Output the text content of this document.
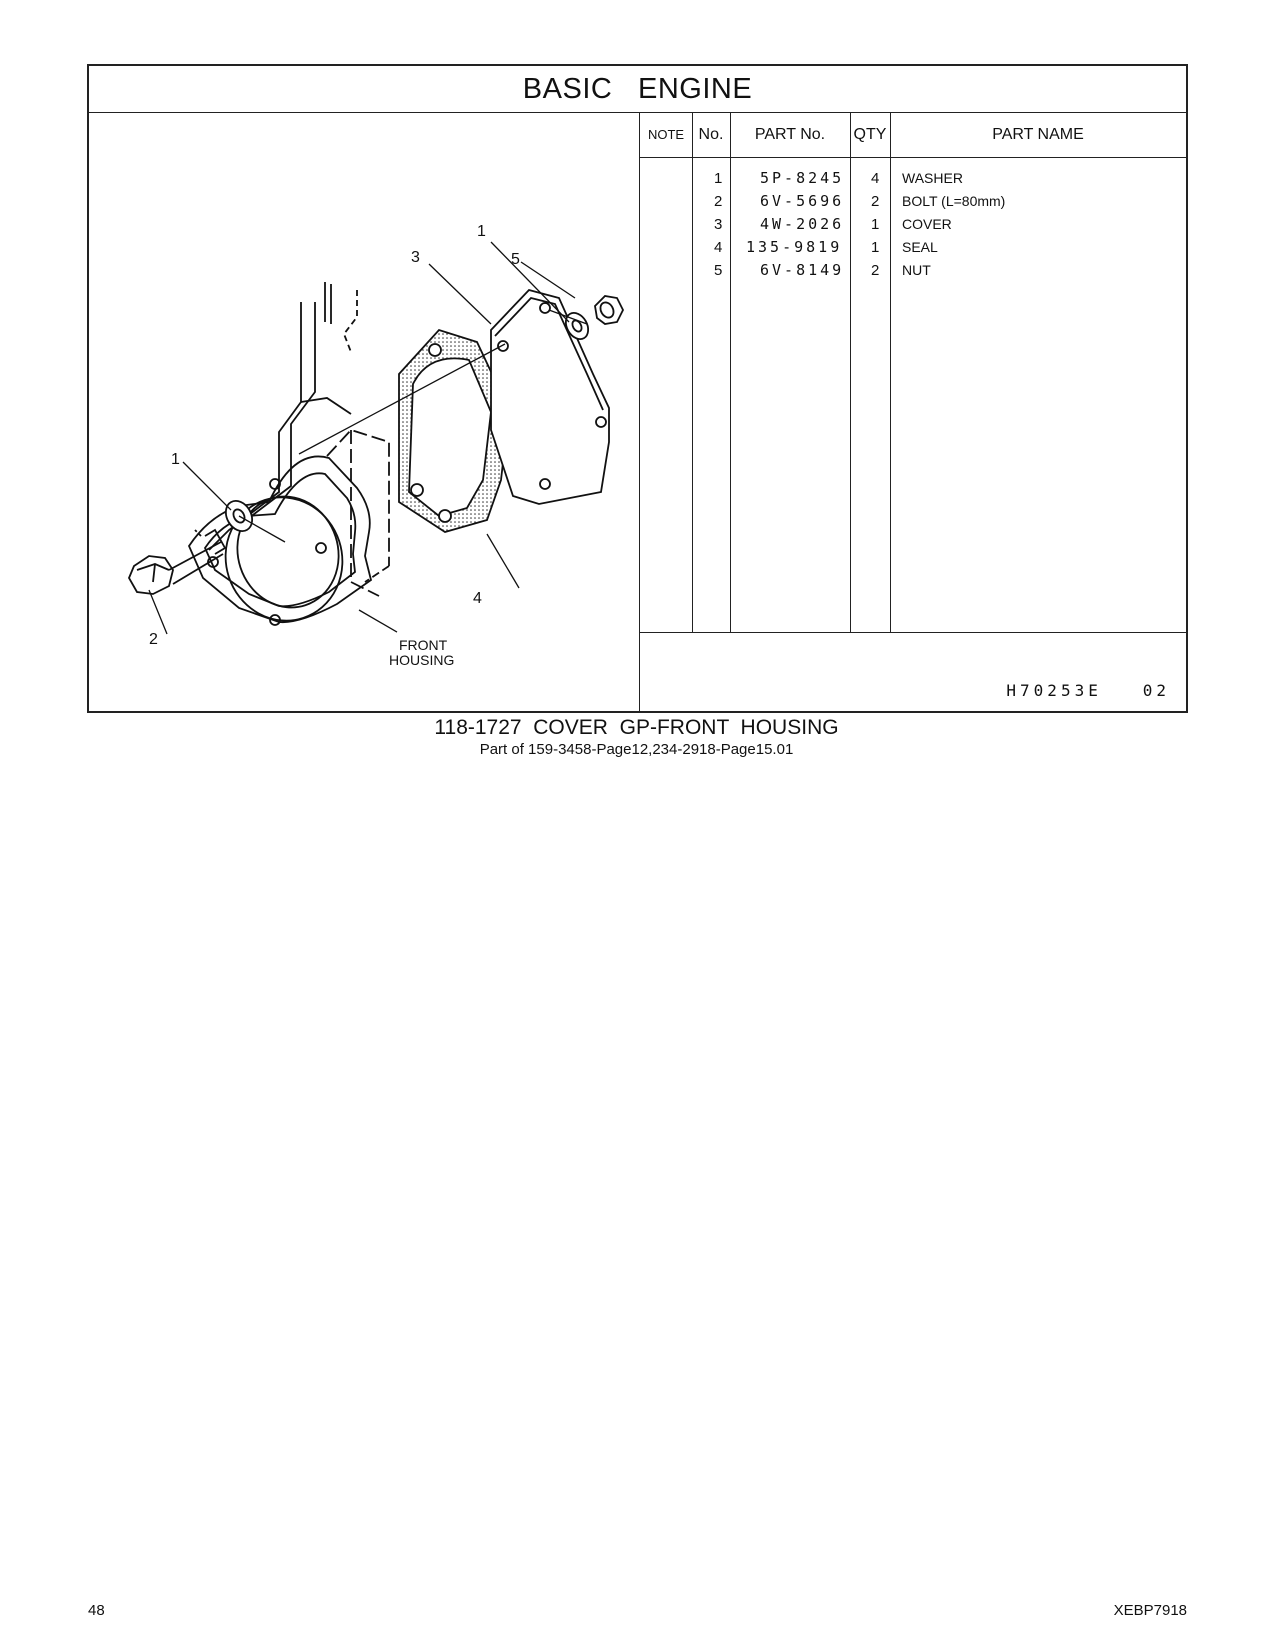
BASIC   ENGINE
5
1
3
1
2
4
FRONT
HOUSING
NOTE No.	PART No.	QTY	PART NAME
1	5P-8245 4 WASHER
2	6V-5696 2 BOLT (L=80mm)
3	4W-2026 1 COVER
4 135-9819 1 SEAL
5	6V-8149 2 NUT
H70253E   02
118-1727  COVER  GP-FRONT  HOUSING
Part of 159-3458-Page12,234-2918-Page15.01
48	XEBP7918
